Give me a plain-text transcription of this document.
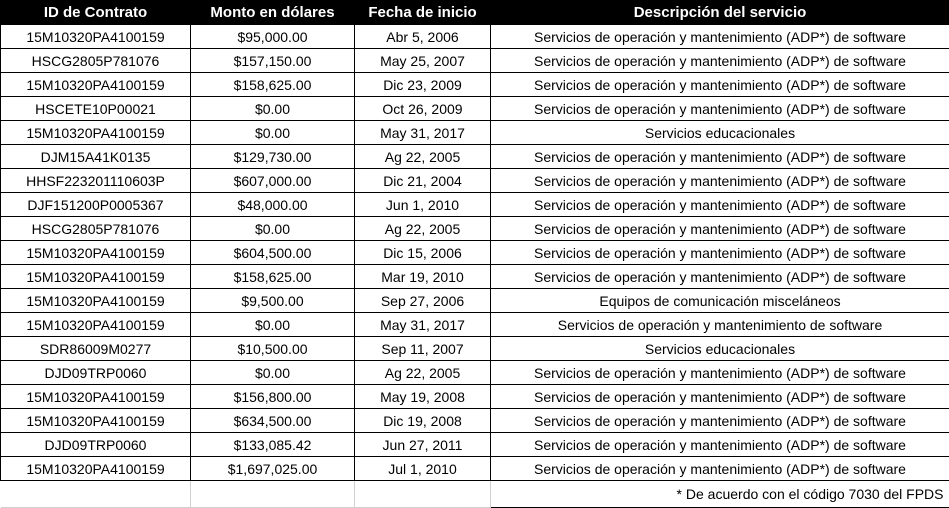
ID de Contrato	Monto en dólares	Fecha de inicio	Descripción del servicio
15M10320PA4100159	$95,000.00	Abr 5, 2006	Servicios de operación y mantenimiento (ADP*) de software
HSCG2805P781076	$157,150.00	May 25, 2007	Servicios de operación y mantenimiento (ADP*) de software
15M10320PA4100159	$158,625.00	Dic 23, 2009	Servicios de operación y mantenimiento (ADP*) de software
HSCETE10P00021	$0.00	Oct 26, 2009	Servicios de operación y mantenimiento (ADP*) de software
15M10320PA4100159	$0.00	May 31, 2017	Servicios educacionales
DJM15A41K0135	$129,730.00	Ag 22, 2005	Servicios de operación y mantenimiento (ADP*) de software
HHSF223201110603P	$607,000.00	Dic 21, 2004	Servicios de operación y mantenimiento (ADP*) de software
DJF151200P0005367	$48,000.00	Jun 1, 2010	Servicios de operación y mantenimiento (ADP*) de software
HSCG2805P781076	$0.00	Ag 22, 2005	Servicios de operación y mantenimiento (ADP*) de software
15M10320PA4100159	$604,500.00	Dic 15, 2006	Servicios de operación y mantenimiento (ADP*) de software
15M10320PA4100159	$158,625.00	Mar 19, 2010	Servicios de operación y mantenimiento (ADP*) de software
15M10320PA4100159	$9,500.00	Sep 27, 2006	Equipos de comunicación misceláneos
15M10320PA4100159	$0.00	May 31, 2017	Servicios de operación y mantenimiento de software
SDR86009M0277	$10,500.00	Sep 11, 2007	Servicios educacionales
DJD09TRP0060	$0.00	Ag 22, 2005	Servicios de operación y mantenimiento (ADP*) de software
15M10320PA4100159	$156,800.00	May 19, 2008	Servicios de operación y mantenimiento (ADP*) de software
15M10320PA4100159	$634,500.00	Dic 19, 2008	Servicios de operación y mantenimiento (ADP*) de software
DJD09TRP0060	$133,085.42	Jun 27, 2011	Servicios de operación y mantenimiento (ADP*) de software
15M10320PA4100159	$1,697,025.00	Jul 1, 2010	Servicios de operación y mantenimiento (ADP*) de software
			* De acuerdo con el código 7030 del FPDS
